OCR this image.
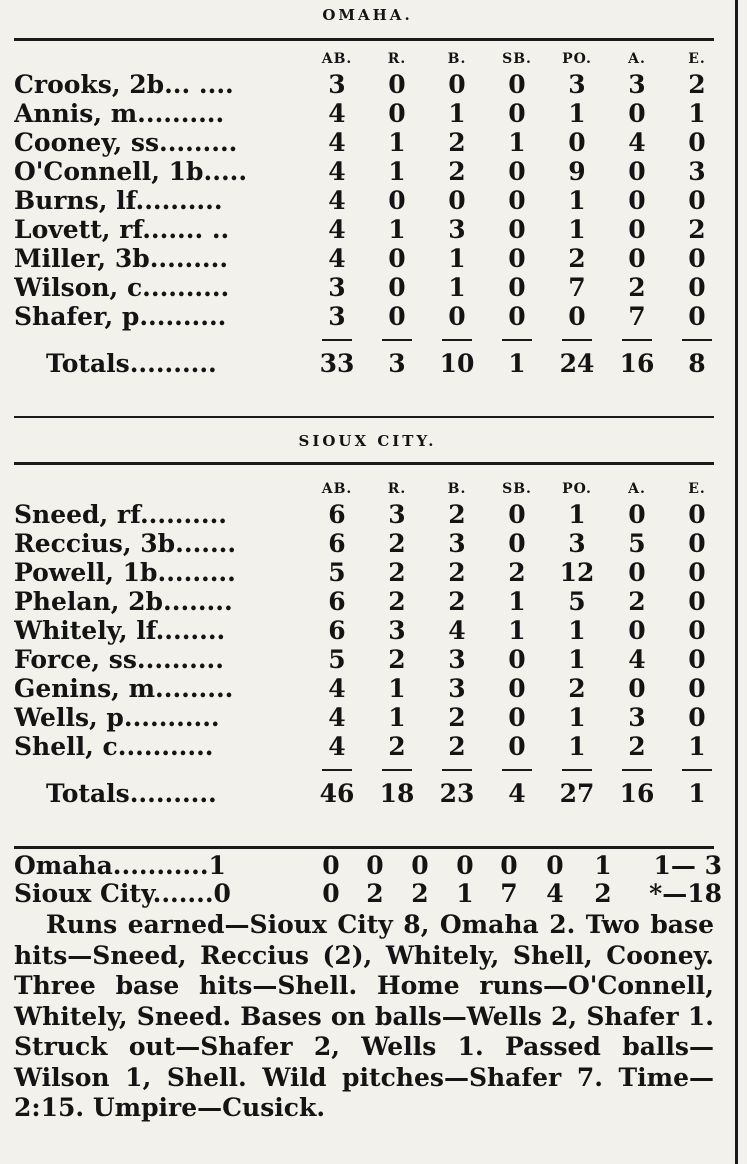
OMAHA.
AB.	R.	B.	SB.	PO.	A.	E.
Crooks, 2b... ....	3	0	0	0	3	3	2
Annis, m..........	4	0	1	0	1	0	1
Cooney, ss.........	4	1	2	1	0	4	0
O'Connell, 1b.....	4	1	2	0	9	0	3
Burns, lf..........	4	0	0	0	1	0	0
Lovett, rf....... ..	4	1	3	0	1	0	2
Miller, 3b.........	4	0	1	0	2	0	0
Wilson, c..........	3	0	1	0	7	2	0
Shafer, p..........	3	0	0	0	0	7	0
Totals..........	33	3	10	1	24	16	8
SIOUX CITY.
AB.	R.	B.	SB.	PO.	A.	E.
Sneed, rf..........	6	3	2	0	1	0	0
Reccius, 3b.......	6	2	3	0	3	5	0
Powell, 1b.........	5	2	2	2	12	0	0
Phelan, 2b........	6	2	2	1	5	2	0
Whitely, lf........	6	3	4	1	1	0	0
Force, ss..........	5	2	3	0	1	4	0
Genins, m.........	4	1	3	0	2	0	0
Wells, p...........	4	1	2	0	1	3	0
Shell, c...........	4	2	2	0	1	2	1
Totals..........	46	18	23	4	27	16	1
Omaha...........1	0 0 0 0 0 0 1	1— 3
Sioux City.......0	0 2 2 1 7 4 2 *—18

Runs earned—Sioux City 8, Omaha 2. Two base hits—Sneed, Reccius (2), Whitely, Shell, Cooney. Three base hits—Shell. Home runs—O'Connell, Whitely, Sneed. Bases on balls—Wells 2, Shafer 1. Struck out—Shafer 2, Wells 1. Passed balls—Wilson 1, Shell. Wild pitches—Shafer 7. Time—2:15. Umpire—Cusick.
